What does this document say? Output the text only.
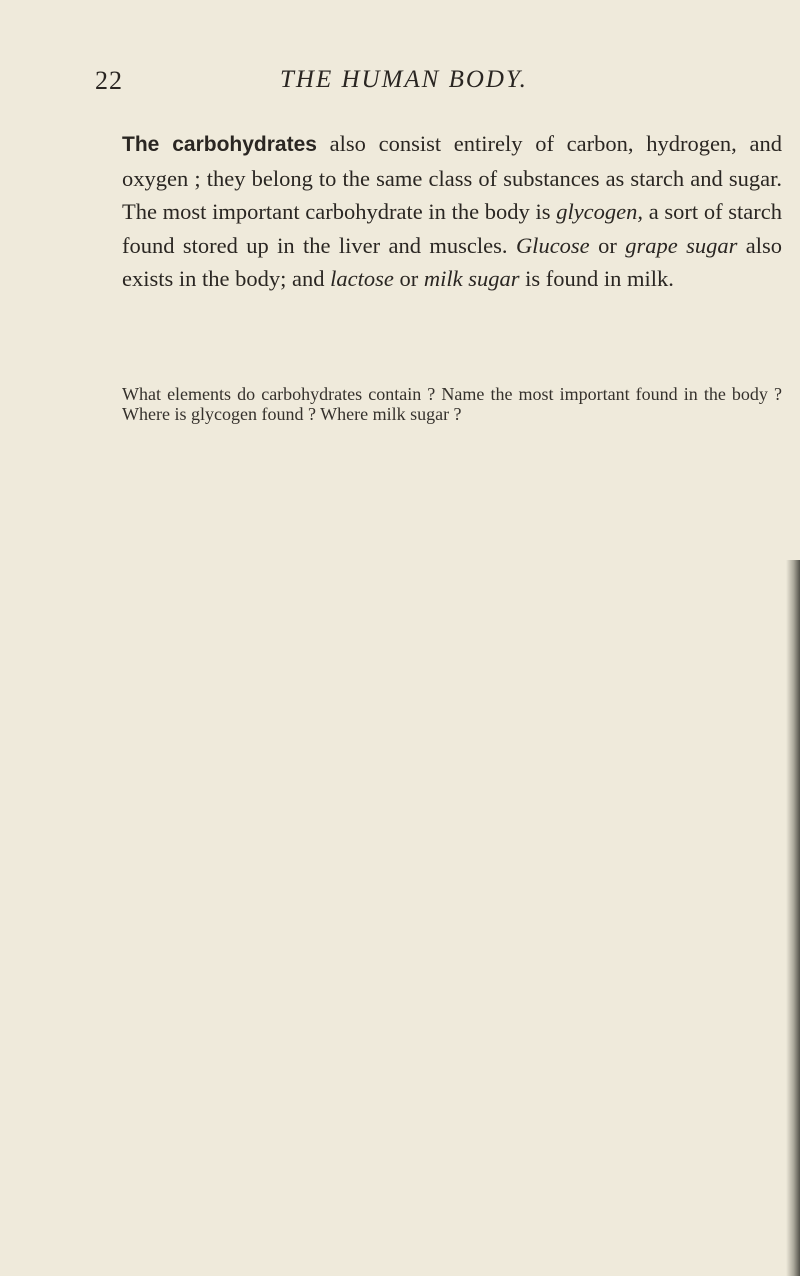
22	THE HUMAN BODY.

The carbohydrates also consist entirely of carbon, hydrogen, and oxygen ; they belong to the same class of substances as starch and sugar. The most important carbohydrate in the body is glycogen, a sort of starch found stored up in the liver and muscles. Glucose or grape sugar also exists in the body; and lactose or milk sugar is found in milk.

What elements do carbohydrates contain ? Name the most important found in the body ? Where is glycogen found ? Where milk sugar ?
